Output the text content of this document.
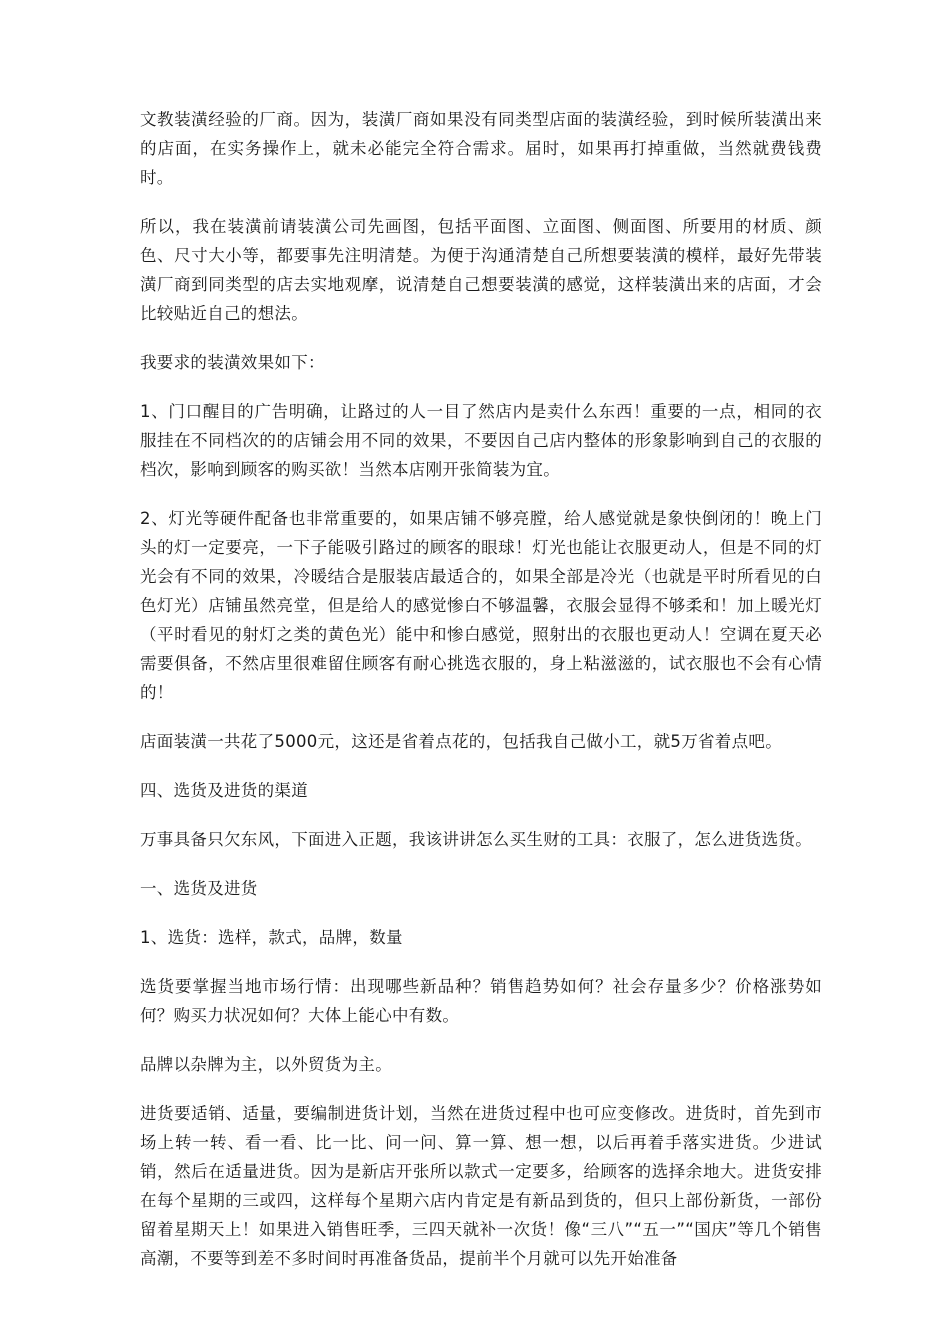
文教装潢经验的厂商。因为，装潢厂商如果没有同类型店面的装潢经验，到时候所装潢出来的店面，在实务操作上，就未必能完全符合需求。届时，如果再打掉重做，当然就费钱费时。

所以，我在装潢前请装潢公司先画图，包括平面图、立面图、侧面图、所要用的材质、颜色、尺寸大小等，都要事先注明清楚。为便于沟通清楚自己所想要装潢的模样，最好先带装潢厂商到同类型的店去实地观摩，说清楚自己想要装潢的感觉，这样装潢出来的店面，才会比较贴近自己的想法。

我要求的装潢效果如下：

1、门口醒目的广告明确，让路过的人一目了然店内是卖什么东西！重要的一点，相同的衣服挂在不同档次的的店铺会用不同的效果，不要因自己店内整体的形象影响到自己的衣服的档次，影响到顾客的购买欲！当然本店刚开张简装为宜。

2、灯光等硬件配备也非常重要的，如果店铺不够亮膛，给人感觉就是象快倒闭的！晚上门头的灯一定要亮，一下子能吸引路过的顾客的眼球！灯光也能让衣服更动人，但是不同的灯光会有不同的效果，冷暖结合是服装店最适合的，如果全部是冷光（也就是平时所看见的白色灯光）店铺虽然亮堂，但是给人的感觉惨白不够温馨，衣服会显得不够柔和！加上暖光灯（平时看见的射灯之类的黄色光）能中和惨白感觉，照射出的衣服也更动人！空调在夏天必需要俱备，不然店里很难留住顾客有耐心挑选衣服的，身上粘滋滋的，试衣服也不会有心情的！

店面装潢一共花了5000元，这还是省着点花的，包括我自己做小工，就5万省着点吧。

四、选货及进货的渠道

万事具备只欠东风，下面进入正题，我该讲讲怎么买生财的工具：衣服了，怎么进货选货。

一、选货及进货

1、选货：选样，款式，品牌，数量

选货要掌握当地市场行情：出现哪些新品种？销售趋势如何？社会存量多少？价格涨势如何？购买力状况如何？大体上能心中有数。

品牌以杂牌为主，以外贸货为主。

进货要适销、适量，要编制进货计划，当然在进货过程中也可应变修改。进货时，首先到市场上转一转、看一看、比一比、问一问、算一算、想一想，以后再着手落实进货。少进试销，然后在适量进货。因为是新店开张所以款式一定要多，给顾客的选择余地大。进货安排在每个星期的三或四，这样每个星期六店内肯定是有新品到货的，但只上部份新货，一部份留着星期天上！如果进入销售旺季，三四天就补一次货！像“三八”“五一”“国庆”等几个销售高潮，不要等到差不多时间时再准备货品，提前半个月就可以先开始准备
